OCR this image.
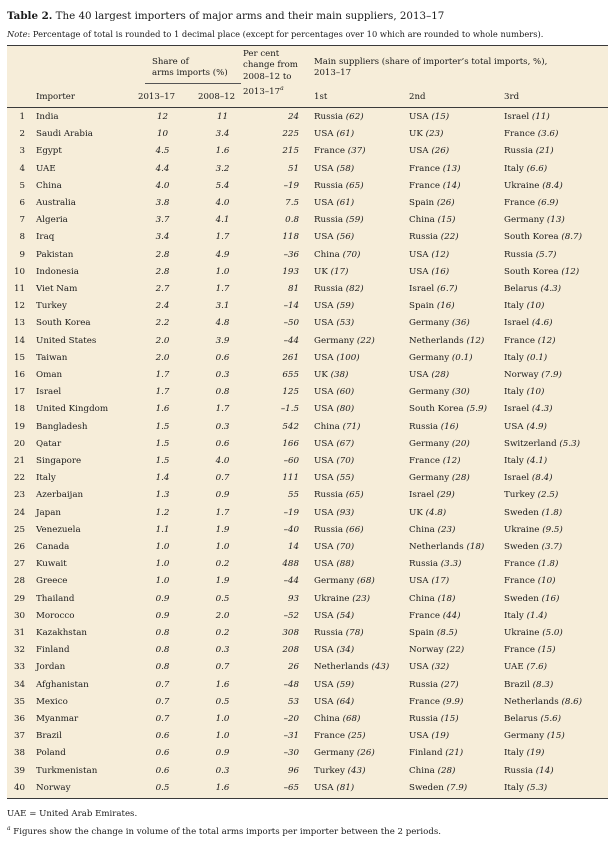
Table 2. The 40 largest importers of major arms and their main suppliers, 2013–17
Note: Percentage of total is rounded to 1 decimal place (except for percentages over 10 which are rounded to whole numbers).
Share of
arms imports (%)
Per cent
change from
2008–12 to
2013–17$^a$
Main suppliers (share of importer’s total imports, %),
2013–17
Importer	2013–17	2008–12	1st	2nd	3rd
1 India	12	11	24 Russia (62)	USA (15)	Israel (11)
2 Saudi Arabia	10	3.4	225 USA (61)	UK (23)	France (3.6)
3 Egypt	4.5	1.6	215 France (37)	USA (26)	Russia (21)
4 UAE	4.4	3.2	51 USA (58)	France (13)	Italy (6.6)
5 China	4.0	5.4	–19 Russia (65)	France (14)	Ukraine (8.4)
6 Australia	3.8	4.0	7.5 USA (61)	Spain (26)	France (6.9)
7 Algeria	3.7	4.1	0.8 Russia (59)	China (15)	Germany (13)
8 Iraq	3.4	1.7	118 USA (56)	Russia (22)	South Korea (8.7)
9 Pakistan	2.8	4.9	–36 China (70)	USA (12)	Russia (5.7)
10 Indonesia	2.8	1.0	193 UK (17)	USA (16)	South Korea (12)
11 Viet Nam	2.7	1.7	81 Russia (82)	Israel (6.7)	Belarus (4.3)
12 Turkey	2.4	3.1	–14 USA (59)	Spain (16)	Italy (10)
13 South Korea	2.2	4.8	–50 USA (53)	Germany (36)	Israel (4.6)
14 United States	2.0	3.9	–44 Germany (22)	Netherlands (12) France (12)
15 Taiwan	2.0	0.6	261 USA (100)	Germany (0.1)	Italy (0.1)
16 Oman	1.7	0.3	655 UK (38)	USA (28)	Norway (7.9)
17 Israel	1.7	0.8	125 USA (60)	Germany (30)	Italy (10)
18 United Kingdom	1.6	1.7	–1.5 USA (80)	South Korea (5.9) Israel (4.3)
19 Bangladesh	1.5	0.3	542 China (71)	Russia (16)	USA (4.9)
20 Qatar	1.5	0.6	166 USA (67)	Germany (20)	Switzerland (5.3)
21 Singapore	1.5	4.0	–60 USA (70)	France (12)	Italy (4.1)
22 Italy	1.4	0.7	111 USA (55)	Germany (28)	Israel (8.4)
23 Azerbaijan	1.3	0.9	55 Russia (65)	Israel (29)	Turkey (2.5)
24 Japan	1.2	1.7	–19 USA (93)	UK (4.8)	Sweden (1.8)
25 Venezuela	1.1	1.9	–40 Russia (66)	China (23)	Ukraine (9.5)
26 Canada	1.0	1.0	14 USA (70)	Netherlands (18) Sweden (3.7)
27 Kuwait	1.0	0.2	488 USA (88)	Russia (3.3)	France (1.8)
28 Greece	1.0	1.9	–44 Germany (68)	USA (17)	France (10)
29 Thailand	0.9	0.5	93 Ukraine (23)	China (18)	Sweden (16)
30 Morocco	0.9	2.0	–52 USA (54)	France (44)	Italy (1.4)
31 Kazakhstan	0.8	0.2	308 Russia (78)	Spain (8.5)	Ukraine (5.0)
32 Finland	0.8	0.3	208 USA (34)	Norway (22)	France (15)
33 Jordan	0.8	0.7	26 Netherlands (43) USA (32)	UAE (7.6)
34 Afghanistan	0.7	1.6	–48 USA (59)	Russia (27)	Brazil (8.3)
35 Mexico	0.7	0.5	53 USA (64)	France (9.9)	Netherlands (8.6)
36 Myanmar	0.7	1.0	–20 China (68)	Russia (15)	Belarus (5.6)
37 Brazil	0.6	1.0	–31 France (25)	USA (19)	Germany (15)
38 Poland	0.6	0.9	–30 Germany (26)	Finland (21)	Italy (19)
39 Turkmenistan	0.6	0.3	96 Turkey (43)	China (28)	Russia (14)
40 Norway	0.5	1.6	–65 USA (81)	Sweden (7.9)	Italy (5.3)
UAE = United Arab Emirates.
$^a$ Figures show the change in volume of the total arms imports per importer between the 2 periods.
